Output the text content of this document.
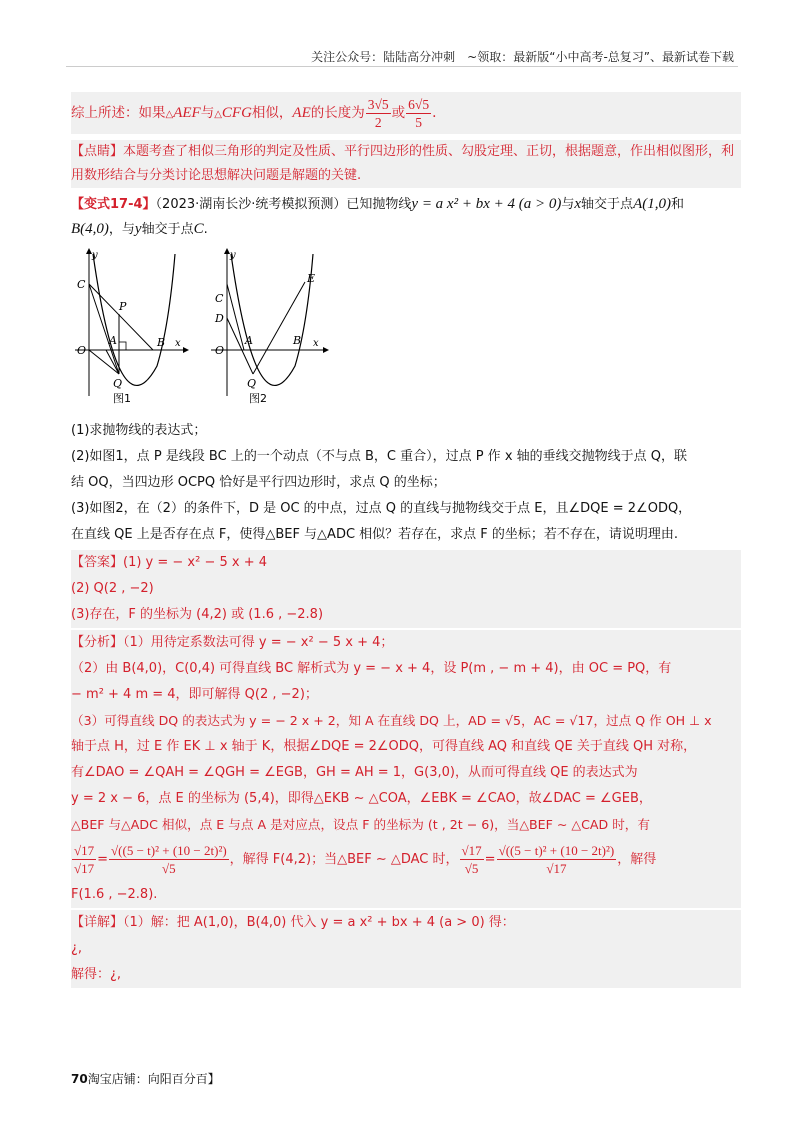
关注公众号：陆陆高分冲刺　~领取：最新版“小中高考-总复习”、最新试卷下载
综上所述：如果△AEF与△CFG相似，AE的长度为 $\frac{3√5}{2}$ 或 $\frac{6√5}{5}$ .
【点睛】本题考查了相似三角形的判定及性质、平行四边形的性质、勾股定理、正切，根据题意，作出相似图形，利用数形结合与分类讨论思想解决问题是解题的关键.
【变式17-4】（2023·湖南长沙·统考模拟预测）已知抛物线y = a x² + bx + 4 (a > 0)与x轴交于点A(1,0)和
B(4,0)，与y轴交于点C.
y
C
P
A	B
O
x
Q
图1
y
E
C
D
A	B
O
x
Q
图2
(1)求抛物线的表达式；
(2)如图1，点 P 是线段 BC 上的一个动点（不与点 B，C 重合），过点 P 作 x 轴的垂线交抛物线于点 Q，联
结 OQ，当四边形 OCPQ 恰好是平行四边形时，求点 Q 的坐标；
(3)如图2，在（2）的条件下，D 是 OC 的中点，过点 Q 的直线与抛物线交于点 E，且∠DQE = 2∠ODQ，
在直线 QE 上是否存在点 F，使得△BEF 与△ADC 相似？若存在，求点 F 的坐标；若不存在，请说明理由.
【答案】(1) y = − x² − 5 x + 4
(2) Q(2 , −2)
(3)存在，F 的坐标为 (4,2) 或 (1.6 , −2.8)
【分析】（1）用待定系数法可得 y = − x² − 5 x + 4；
（2）由 B(4,0)，C(0,4) 可得直线 BC 解析式为 y = − x + 4，设 P(m , − m + 4)，由 OC = PQ，有
− m² + 4 m = 4，即可解得 Q(2 , −2)；
（3）可得直线 DQ 的表达式为 y = − 2 x + 2，知 A 在直线 DQ 上，AD = √5，AC = √17，过点 Q 作 OH ⊥ x
轴于点 H，过 E 作 EK ⊥ x 轴于 K，根据∠DQE = 2∠ODQ，可得直线 AQ 和直线 QE 关于直线 QH 对称，
有∠DAO = ∠QAH = ∠QGH = ∠EGB，GH = AH = 1，G(3,0)，从而可得直线 QE 的表达式为
y = 2 x − 6，点 E 的坐标为 (5,4)，即得△EKB ∼ △COA，∠EBK = ∠CAO，故∠DAC = ∠GEB，
△BEF 与△ADC 相似，点 E 与点 A 是对应点，设点 F 的坐标为 (t , 2t − 6)，当△BEF ∼ △CAD 时，有
$\frac{√17}{√17} = \frac{\text{√((5 − t)² + (10 − 2t)²)}}{√5}$ ，解得 F(4,2)；当△BEF ∼ △DAC 时， $\frac{√17}{√5} = \frac{\text{√((5 − t)² + (10 − 2t)²)}}{√17}$ ，解得
F(1.6 , −2.8).
【详解】（1）解：把 A(1,0)，B(4,0) 代入 y = a x² + bx + 4 (a > 0) 得：
¿,
解得：¿,
70淘宝店铺：向阳百分百】
